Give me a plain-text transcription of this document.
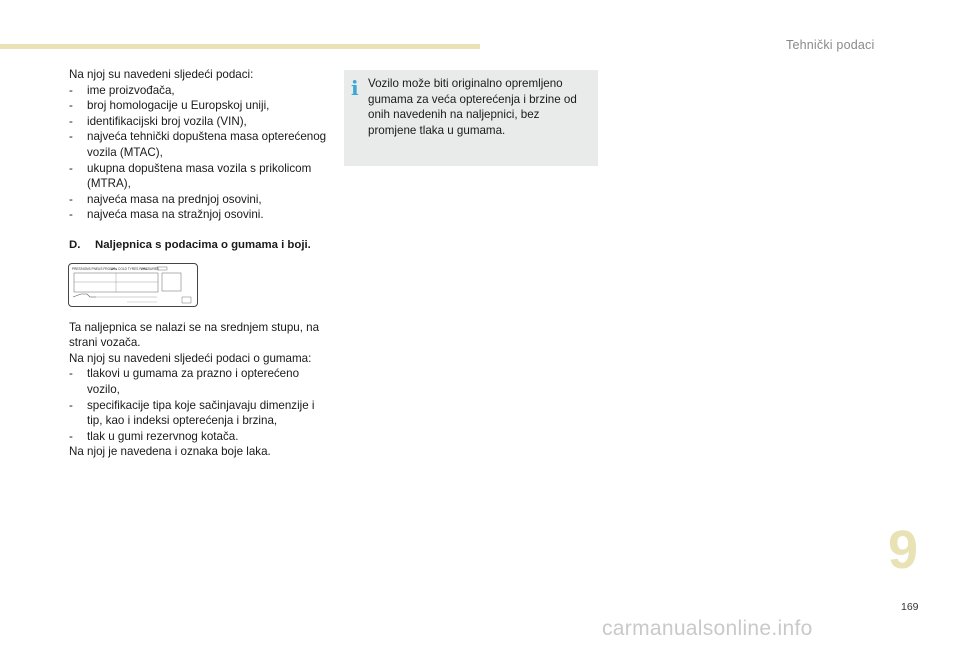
Tehnički podaci

Na njoj su navedeni sljedeći podaci:

- ime proizvođača,
- broj homologacije u Europskoj uniji,
- identifikacijski broj vozila (VIN),
- najveća tehnički dopuštena masa opterećenog vozila (MTAC),
- ukupna dopuštena masa vozila s prikolicom (MTRA),
- najveća masa na prednjoj osovini,
- najveća masa na stražnjoj osovini.

D. Naljepnica s podacima o gumama i boji.

PRESSIONS PNEUS FROIDS / COLD TYRES PRESSURES

Ta naljepnica se nalazi se na srednjem stupu, na strani vozača.

Na njoj su navedeni sljedeći podaci o gumama:

- tlakovi u gumama za prazno i opterećeno vozilo,
- specifikacije tipa koje sačinjavaju dimenzije i tip, kao i indeksi opterećenja i brzina,
- tlak u gumi rezervnog kotača.

Na njoj je navedena i oznaka boje laka.

i Vozilo može biti originalno opremljeno gumama za veća opterećenja i brzine od onih navedenih na naljepnici, bez promjene tlaka u gumama.
9
169
carmanualsonline.info
